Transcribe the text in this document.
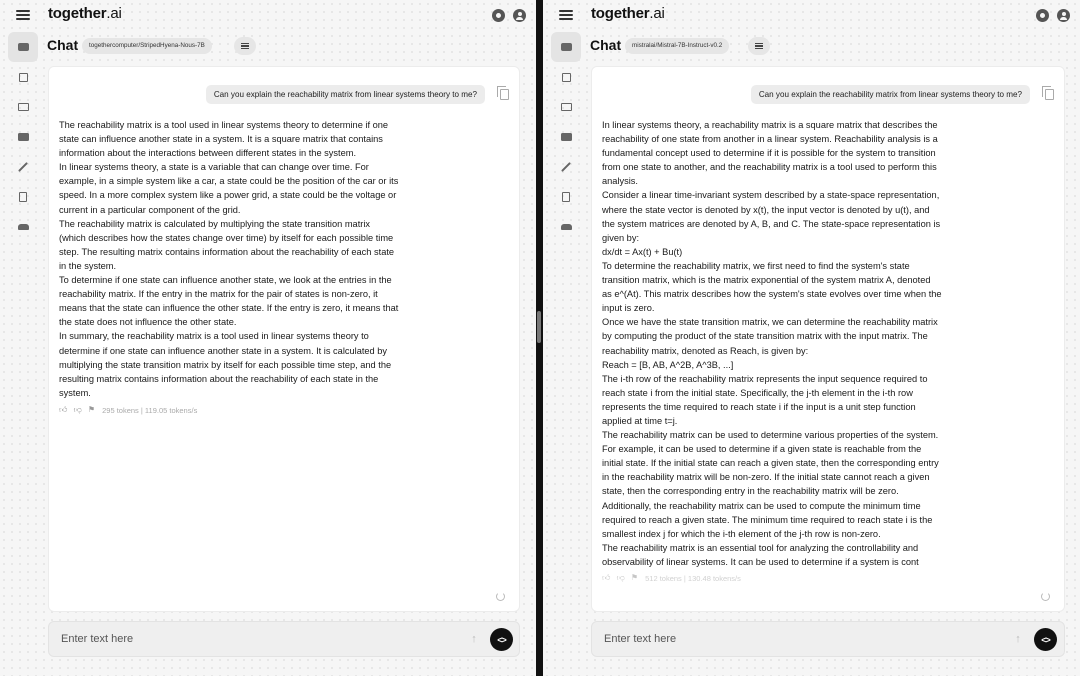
together.ai
Chat	togethercomputer/StripedHyena-Nous-7B
Can you explain the reachability matrix from linear systems theory to me?
The reachability matrix is a tool used in linear systems theory to determine if one
state can influence another state in a system. It is a square matrix that contains
information about the interactions between different states in the system.
In linear systems theory, a state is a variable that can change over time. For
example, in a simple system like a car, a state could be the position of the car or its
speed. In a more complex system like a power grid, a state could be the voltage or
current in a particular component of the grid.
The reachability matrix is calculated by multiplying the state transition matrix
(which describes how the states change over time) by itself for each possible time
step. The resulting matrix contains information about the reachability of each state
in the system.
To determine if one state can influence another state, we look at the entries in the
reachability matrix. If the entry in the matrix for the pair of states is non-zero, it
means that the state can influence the other state. If the entry is zero, it means that
the state does not influence the other state.
In summary, the reachability matrix is a tool used in linear systems theory to
determine if one state can influence another state in a system. It is calculated by
multiplying the state transition matrix by itself for each possible time step, and the
resulting matrix contains information about the reachability of each state in the
system.
👍︎ 👎︎ ⚑ 295 tokens | 119.05 tokens/s
Enter text here
↑	<>
together.ai
Chat	mistralai/Mistral-7B-Instruct-v0.2
Can you explain the reachability matrix from linear systems theory to me?
In linear systems theory, a reachability matrix is a square matrix that describes the
reachability of one state from another in a linear system. Reachability analysis is a
fundamental concept used to determine if it is possible for the system to transition
from one state to another, and the reachability matrix is a tool used to perform this
analysis.
Consider a linear time-invariant system described by a state-space representation,
where the state vector is denoted by x(t), the input vector is denoted by u(t), and
the system matrices are denoted by A, B, and C. The state-space representation is
given by:
dx/dt = Ax(t) + Bu(t)
To determine the reachability matrix, we first need to find the system's state
transition matrix, which is the matrix exponential of the system matrix A, denoted
as e^(At). This matrix describes how the system's state evolves over time when the
input is zero.
Once we have the state transition matrix, we can determine the reachability matrix
by computing the product of the state transition matrix with the input matrix. The
reachability matrix, denoted as Reach, is given by:
Reach = [B, AB, A^2B, A^3B, ...]
The i-th row of the reachability matrix represents the input sequence required to
reach state i from the initial state. Specifically, the j-th element in the i-th row
represents the time required to reach state i if the input is a unit step function
applied at time t=j.
The reachability matrix can be used to determine various properties of the system.
For example, it can be used to determine if a given state is reachable from the
initial state. If the initial state can reach a given state, then the corresponding entry
in the reachability matrix will be non-zero. If the initial state cannot reach a given
state, then the corresponding entry in the reachability matrix will be zero.
Additionally, the reachability matrix can be used to compute the minimum time
required to reach a given state. The minimum time required to reach state i is the
smallest index j for which the i-th element of the j-th row is non-zero.
The reachability matrix is an essential tool for analyzing the controllability and
observability of linear systems. It can be used to determine if a system is cont
👍︎ 👎︎ ⚑ 512 tokens | 130.48 tokens/s
Enter text here
↑	<>
